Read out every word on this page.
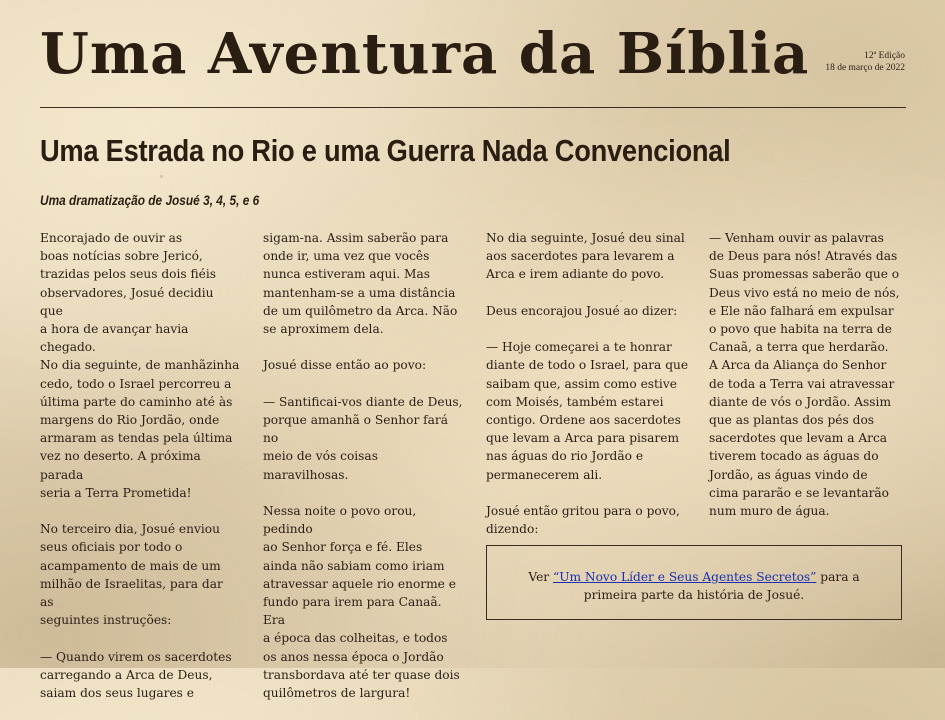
Uma Aventura da Bíblia	12ª Edição
18 de março de 2022
Uma Estrada no Rio e uma Guerra Nada Convencional
Uma dramatização de Josué 3, 4, 5, e 6

Encorajado de ouvir as
boas notícias sobre Jericó,
trazidas pelos seus dois fiéis
observadores, Josué decidiu que
a hora de avançar havia chegado.
No dia seguinte, de manhãzinha
cedo, todo o Israel percorreu a
última parte do caminho até às
margens do Rio Jordão, onde
armaram as tendas pela última
vez no deserto. A próxima parada
seria a Terra Prometida!

No terceiro dia, Josué enviou
seus oficiais por todo o
acampamento de mais de um
milhão de Israelitas, para dar as
seguintes instruções:

— Quando virem os sacerdotes
carregando a Arca de Deus,
saiam dos seus lugares e

sigam-na. Assim saberão para
onde ir, uma vez que vocês
nunca estiveram aqui. Mas
mantenham-se a uma distância
de um quilômetro da Arca. Não
se aproximem dela.

Josué disse então ao povo:

— Santificai-vos diante de Deus,
porque amanhã o Senhor fará no
meio de vós coisas maravilhosas.

Nessa noite o povo orou, pedindo
ao Senhor força e fé. Eles
ainda não sabiam como iriam
atravessar aquele rio enorme e
fundo para irem para Canaã. Era
a época das colheitas, e todos
os anos nessa época o Jordão
transbordava até ter quase dois
quilômetros de largura!

No dia seguinte, Josué deu sinal
aos sacerdotes para levarem a
Arca e irem adiante do povo.

Deus encorajou Josué ao dizer:

— Hoje começarei a te honrar
diante de todo o Israel, para que
saibam que, assim como estive
com Moisés, também estarei
contigo. Ordene aos sacerdotes
que levam a Arca para pisarem
nas águas do rio Jordão e
permanecerem ali.

Josué então gritou para o povo,
dizendo:

— Venham ouvir as palavras
de Deus para nós! Através das
Suas promessas saberão que o
Deus vivo está no meio de nós,
e Ele não falhará em expulsar
o povo que habita na terra de
Canaã, a terra que herdarão.
A Arca da Aliança do Senhor
de toda a Terra vai atravessar
diante de vós o Jordão. Assim
que as plantas dos pés dos
sacerdotes que levam a Arca
tiverem tocado as águas do
Jordão, as águas vindo de
cima pararão e se levantarão
num muro de água.

Ver “Um Novo Líder e Seus Agentes Secretos” para a
primeira parte da história de Josué.
